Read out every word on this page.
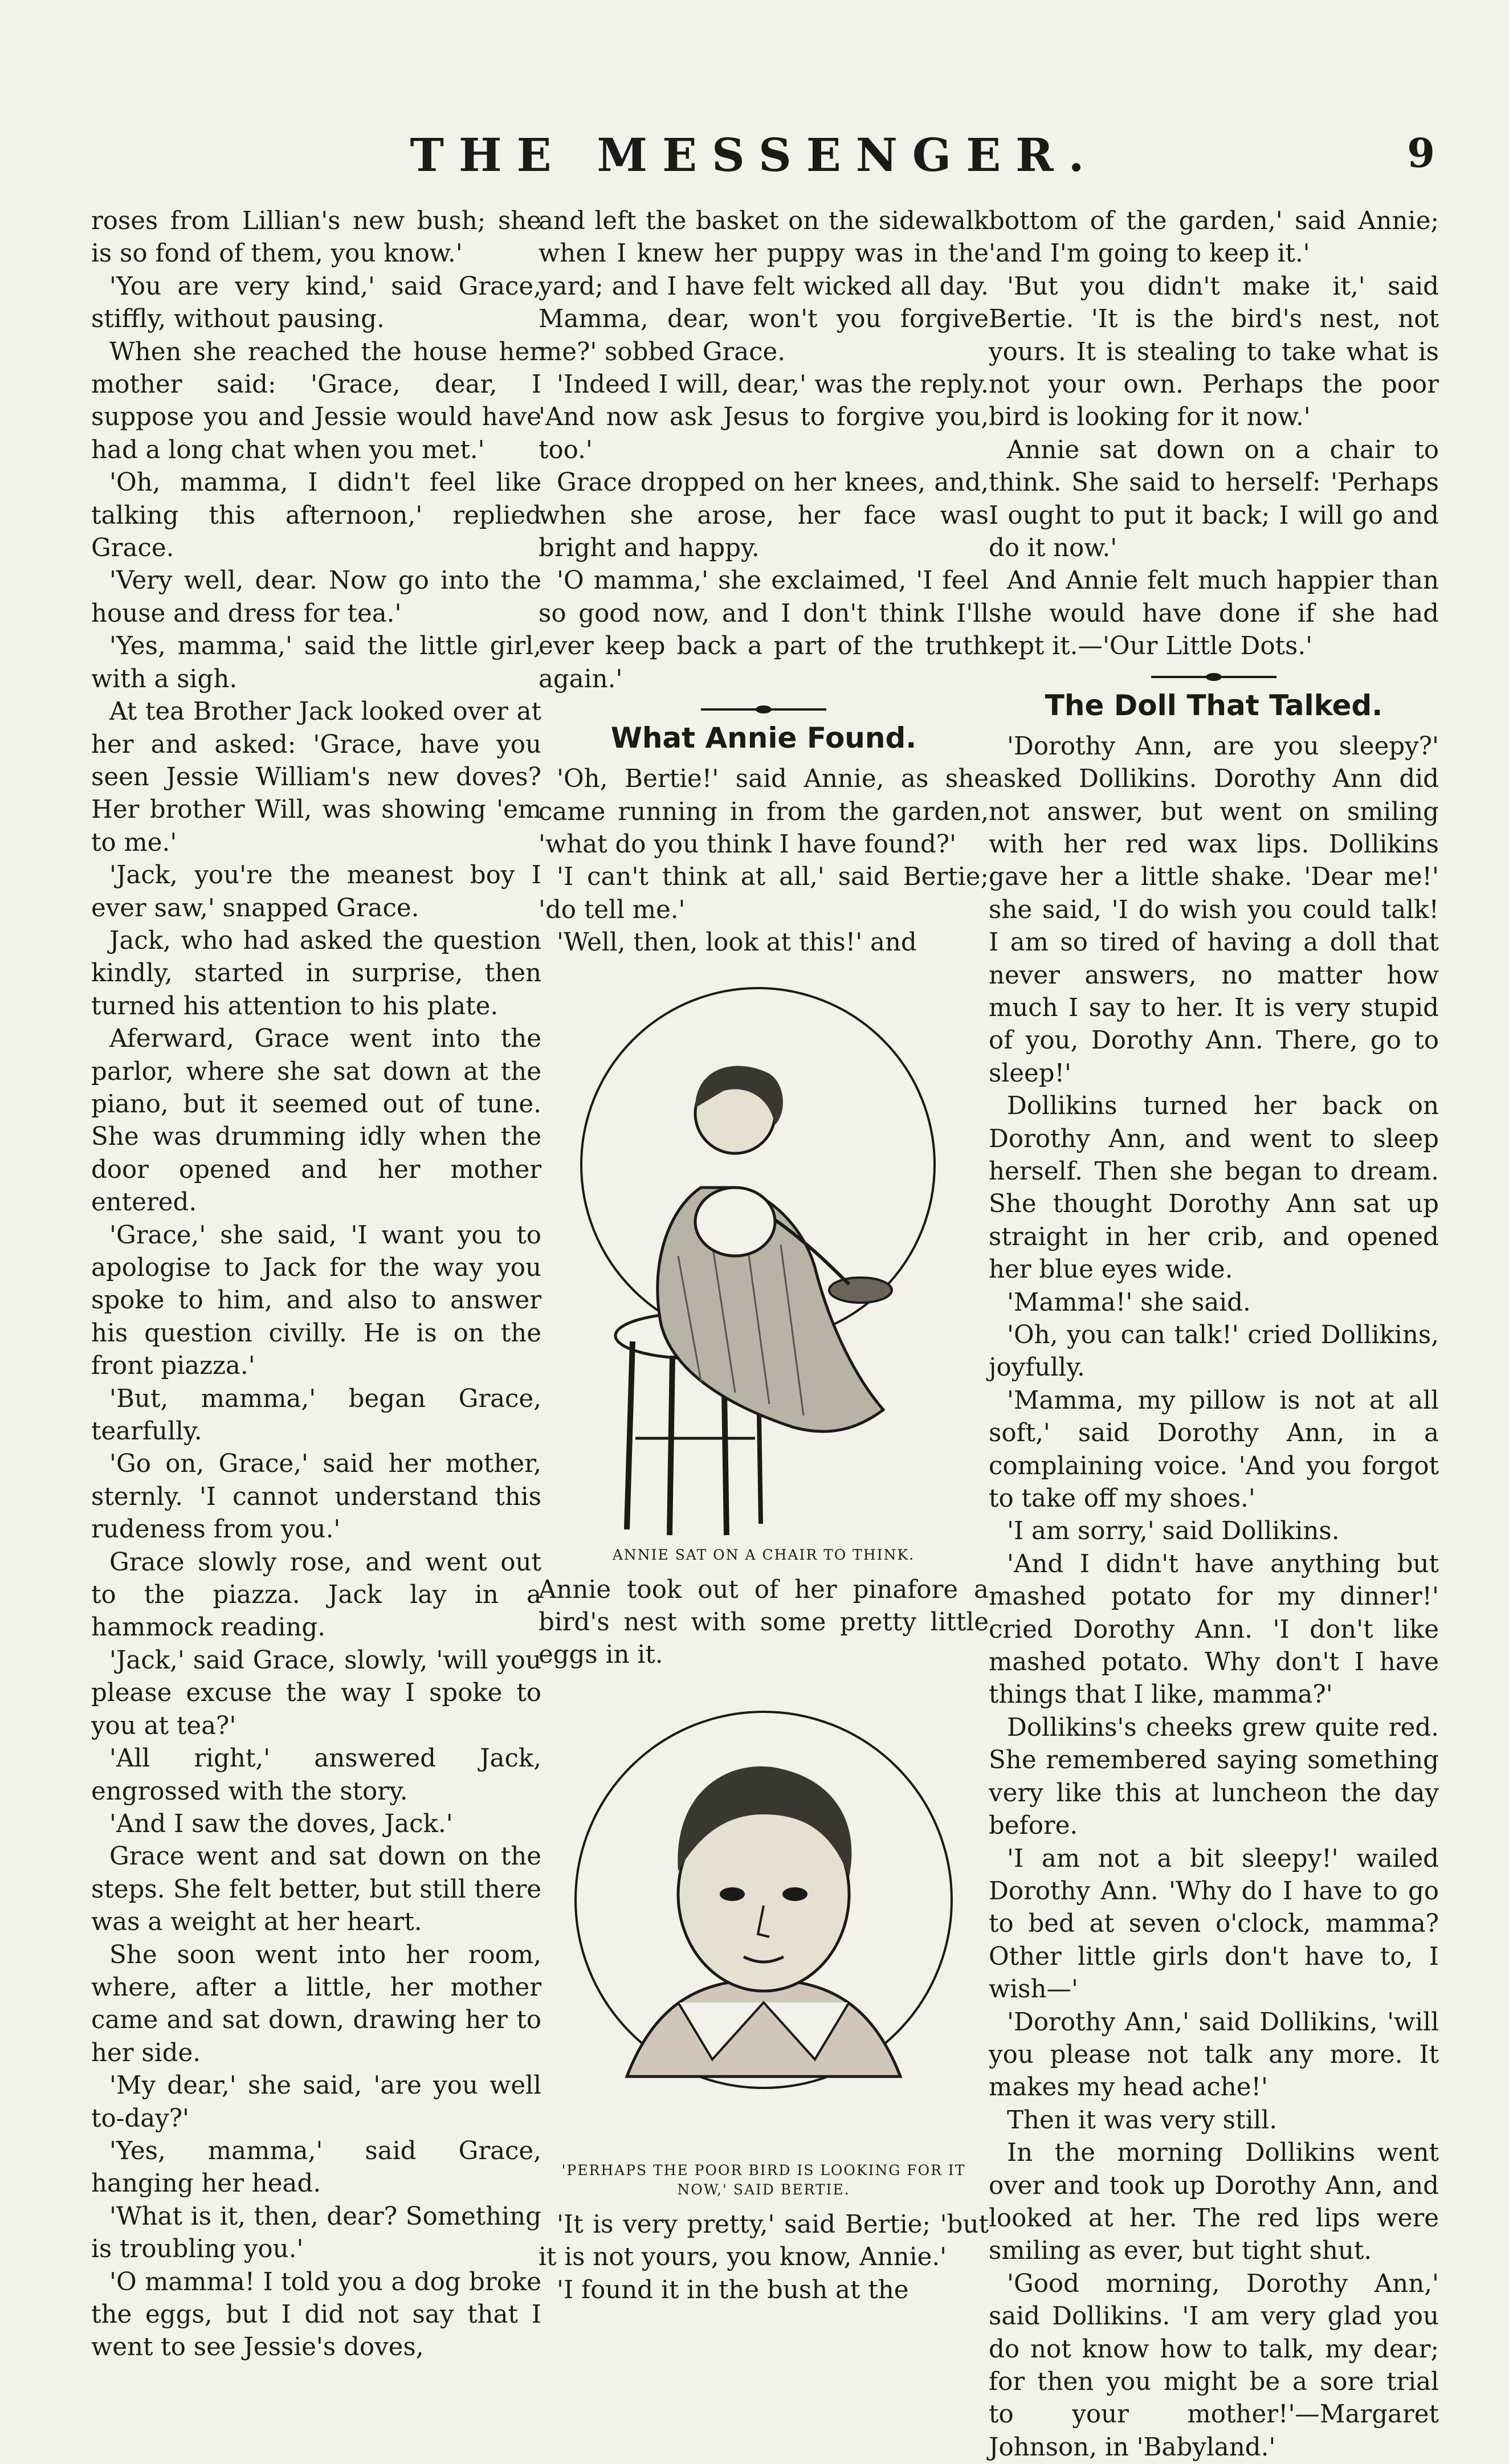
THE MESSENGER.	9

roses from Lillian's new bush; she is so fond of them, you know.'

'You are very kind,' said Grace, stiffly, without pausing.

When she reached the house her mother said: 'Grace, dear, I suppose you and Jessie would have had a long chat when you met.'

'Oh, mamma, I didn't feel like talking this afternoon,' replied Grace.

'Very well, dear. Now go into the house and dress for tea.'

'Yes, mamma,' said the little girl, with a sigh.

At tea Brother Jack looked over at her and asked: 'Grace, have you seen Jessie William's new doves? Her brother Will, was showing 'em to me.'

'Jack, you're the meanest boy I ever saw,' snapped Grace.

Jack, who had asked the question kindly, started in surprise, then turned his attention to his plate.

Aferward, Grace went into the parlor, where she sat down at the piano, but it seemed out of tune. She was drumming idly when the door opened and her mother entered.

'Grace,' she said, 'I want you to apologise to Jack for the way you spoke to him, and also to answer his question civilly. He is on the front piazza.'

'But, mamma,' began Grace, tearfully.

'Go on, Grace,' said her mother, sternly. 'I cannot understand this rudeness from you.'

Grace slowly rose, and went out to the piazza. Jack lay in a hammock reading.

'Jack,' said Grace, slowly, 'will you please excuse the way I spoke to you at tea?'

'All right,' answered Jack, engrossed with the story.

'And I saw the doves, Jack.'

Grace went and sat down on the steps. She felt better, but still there was a weight at her heart.

She soon went into her room, where, after a little, her mother came and sat down, drawing her to her side.

'My dear,' she said, 'are you well to-day?'

'Yes, mamma,' said Grace, hanging her head.

'What is it, then, dear? Something is troubling you.'

'O mamma! I told you a dog broke the eggs, but I did not say that I went to see Jessie's doves,

and left the basket on the sidewalk when I knew her puppy was in the yard; and I have felt wicked all day. Mamma, dear, won't you forgive me?' sobbed Grace.

'Indeed I will, dear,' was the reply. 'And now ask Jesus to forgive you, too.'

Grace dropped on her knees, and, when she arose, her face was bright and happy.

'O mamma,' she exclaimed, 'I feel so good now, and I don't think I'll ever keep back a part of the truth again.'

What Annie Found.

'Oh, Bertie!' said Annie, as she came running in from the garden, 'what do you think I have found?'

'I can't think at all,' said Bertie; 'do tell me.'

'Well, then, look at this!' and

ANNIE SAT ON A CHAIR TO THINK.

Annie took out of her pinafore a bird's nest with some pretty little eggs in it.

'PERHAPS THE POOR BIRD IS LOOKING FOR IT NOW,' SAID BERTIE.

'It is very pretty,' said Bertie; 'but it is not yours, you know, Annie.'

'I found it in the bush at the

bottom of the garden,' said Annie; 'and I'm going to keep it.'

'But you didn't make it,' said Bertie. 'It is the bird's nest, not yours. It is stealing to take what is not your own. Perhaps the poor bird is looking for it now.'

Annie sat down on a chair to think. She said to herself: 'Perhaps I ought to put it back; I will go and do it now.'

And Annie felt much happier than she would have done if she had kept it.—'Our Little Dots.'

The Doll That Talked.

'Dorothy Ann, are you sleepy?' asked Dollikins. Dorothy Ann did not answer, but went on smiling with her red wax lips. Dollikins gave her a little shake. 'Dear me!' she said, 'I do wish you could talk! I am so tired of having a doll that never answers, no matter how much I say to her. It is very stupid of you, Dorothy Ann. There, go to sleep!'

Dollikins turned her back on Dorothy Ann, and went to sleep herself. Then she began to dream. She thought Dorothy Ann sat up straight in her crib, and opened her blue eyes wide.

'Mamma!' she said.

'Oh, you can talk!' cried Dollikins, joyfully.

'Mamma, my pillow is not at all soft,' said Dorothy Ann, in a complaining voice. 'And you forgot to take off my shoes.'

'I am sorry,' said Dollikins.

'And I didn't have anything but mashed potato for my dinner!' cried Dorothy Ann. 'I don't like mashed potato. Why don't I have things that I like, mamma?'

Dollikins's cheeks grew quite red. She remembered saying something very like this at luncheon the day before.

'I am not a bit sleepy!' wailed Dorothy Ann. 'Why do I have to go to bed at seven o'clock, mamma? Other little girls don't have to, I wish—'

'Dorothy Ann,' said Dollikins, 'will you please not talk any more. It makes my head ache!'

Then it was very still.

In the morning Dollikins went over and took up Dorothy Ann, and looked at her. The red lips were smiling as ever, but tight shut.

'Good morning, Dorothy Ann,' said Dollikins. 'I am very glad you do not know how to talk, my dear; for then you might be a sore trial to your mother!'—Margaret Johnson, in 'Babyland.'
